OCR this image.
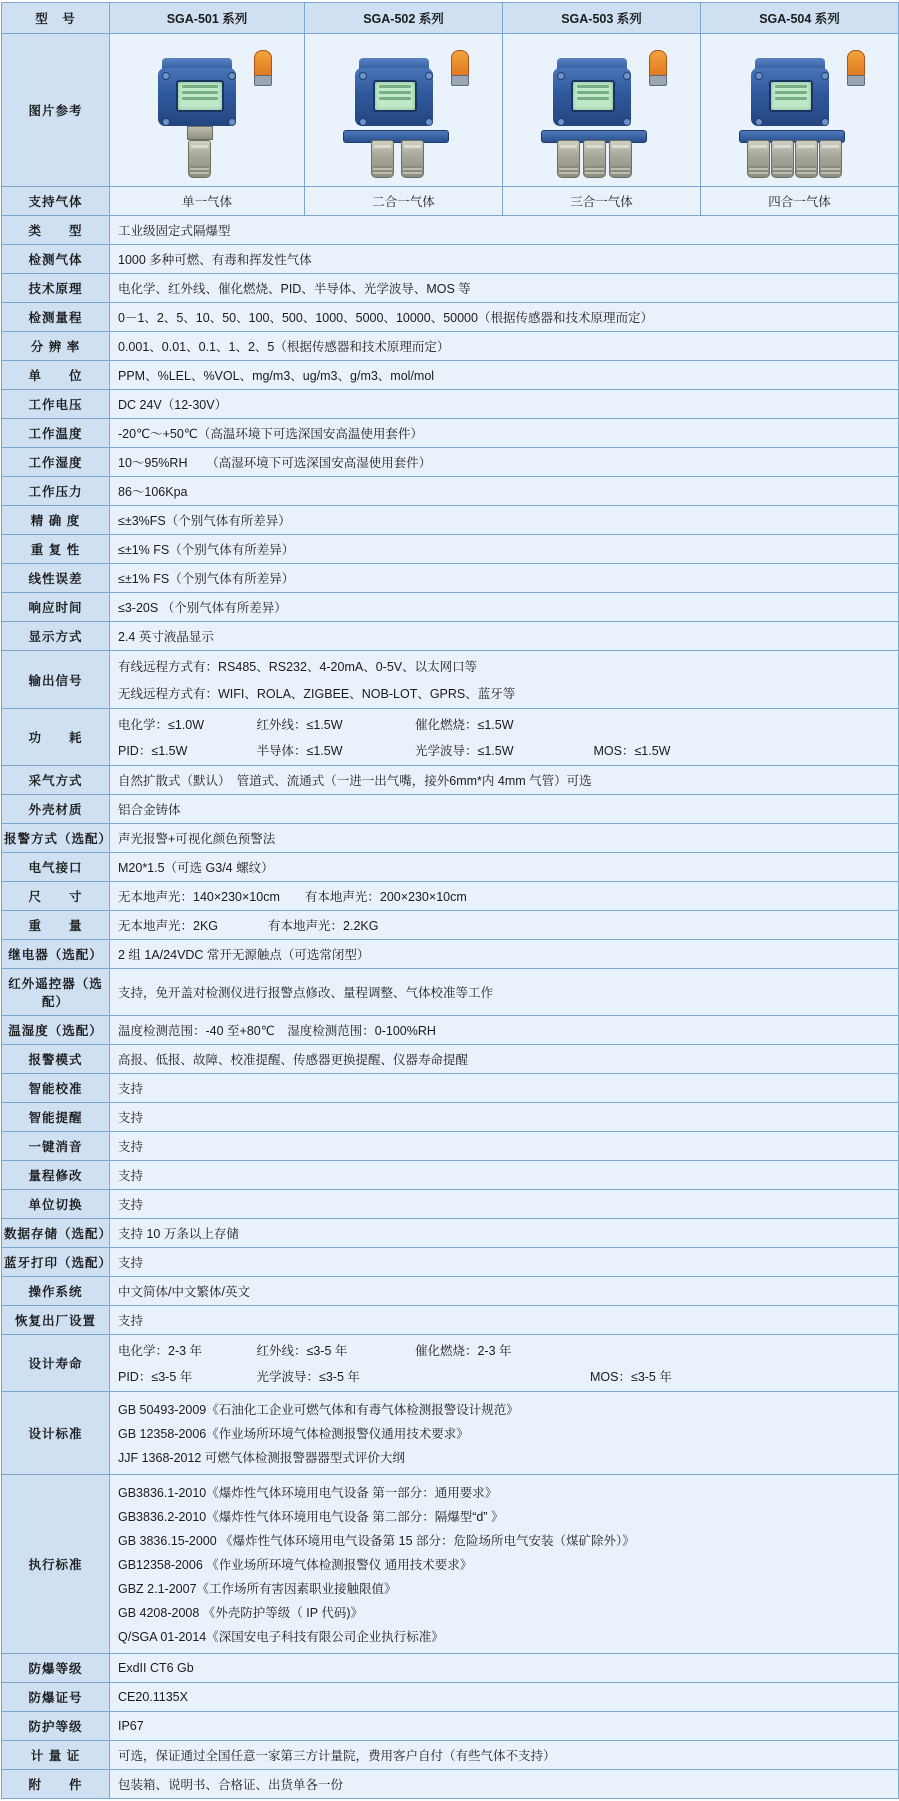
型　号	SGA-501 系列	SGA-502 系列	SGA-503 系列	SGA-504 系列
图片参考	

支持气体	单一气体	二合一气体	三合一气体	四合一气体
类　　型	工业级固定式隔爆型			
检测气体	1000 多种可燃、有毒和挥发性气体			
技术原理	电化学、红外线、催化燃烧、PID、半导体、光学波导、MOS 等			
检测量程	0－1、2、5、10、50、100、500、1000、5000、10000、50000（根据传感器和技术原理而定）			
分 辨 率	0.001、0.01、0.1、1、2、5（根据传感器和技术原理而定）			
单　　位	PPM、%LEL、%VOL、mg/m3、ug/m3、g/m3、mol/mol			
工作电压	DC 24V（12-30V）			
工作温度	-20℃～+50℃（高温环境下可选深国安高温使用套件）			
工作湿度	10～95%RH　　（高湿环境下可选深国安高湿使用套件）			
工作压力	86～106Kpa			
精 确 度	≤±3%FS（个别气体有所差异）			
重 复 性	≤±1% FS（个别气体有所差异）			
线性误差	≤±1% FS（个别气体有所差异）			
响应时间	≤3-20S （个别气体有所差异）			
显示方式	2.4 英寸液晶显示			
输出信号	有线远程方式有：RS485、RS232、4-20mA、0-5V、以太网口等
无线远程方式有：WIFI、ROLA、ZIGBEE、NOB-LOT、GPRS、蓝牙等			

功　　耗	电化学：≤1.0W 红外线：≤1.5W 催化燃烧：≤1.5W
PID：≤1.5W 半导体：≤1.5W 光学波导：≤1.5W MOS：≤1.5W			

采气方式	自然扩散式（默认）　管道式、流通式（一进一出气嘴，接外6mm*内 4mm 气管）可选			
外壳材质	铝合金铸体			
报警方式（选配）	声光报警+可视化颜色预警法			
电气接口	M20*1.5（可选 G3/4 螺纹）			
尺　　寸	无本地声光：140×230×10cm　　有本地声光：200×230×10cm			
重　　量	无本地声光：2KG　　　　有本地声光：2.2KG			
继电器（选配）	2 组 1A/24VDC 常开无源触点（可选常闭型）			
红外遥控器（选配）	支持，免开盖对检测仪进行报警点修改、量程调整、气体校准等工作			
温湿度（选配）	温度检测范围：-40 至+80℃　湿度检测范围：0-100%RH			
报警模式	高报、低报、故障、校准提醒、传感器更换提醒、仪器寿命提醒			
智能校准	支持			
智能提醒	支持			
一键消音	支持			
量程修改	支持			
单位切换	支持			
数据存储（选配）	支持 10 万条以上存储			
蓝牙打印（选配）	支持			
操作系统	中文简体/中文繁体/英文			
恢复出厂设置	支持			
设计寿命	电化学：2-3 年 红外线：≤3-5 年 催化燃烧：2-3 年
PID：≤3-5 年 光学波导：≤3-5 年 MOS：≤3-5 年			

设计标准	GB 50493-2009《石油化工企业可燃气体和有毒气体检测报警设计规范》
GB 12358-2006《作业场所环境气体检测报警仪通用技术要求》
JJF 1368-2012 可燃气体检测报警器器型式评价大纲			

执行标准	
GB3836.1-2010《爆炸性气体环境用电气设备 第一部分：通用要求》
GB3836.2-2010《爆炸性气体环境用电气设备 第二部分：隔爆型“d” 》
GB 3836.15-2000 《爆炸性气体环境用电气设备第 15 部分：危险场所电气安装（煤矿除外）》
GB12358-2006 《作业场所环境气体检测报警仪 通用技术要求》
GBZ 2.1-2007《工作场所有害因素职业接触限值》
GB 4208-2008 《外壳防护等级（ IP 代码)》
Q/SGA 01-2014《深国安电子科技有限公司企业执行标准》

防爆等级	ExdII CT6 Gb			
防爆证号	CE20.1135X			
防护等级	IP67			
计 量 证	可选，保证通过全国任意一家第三方计量院，费用客户自付（有些气体不支持）			
附　　件	包装箱、说明书、合格证、出货单各一份			
